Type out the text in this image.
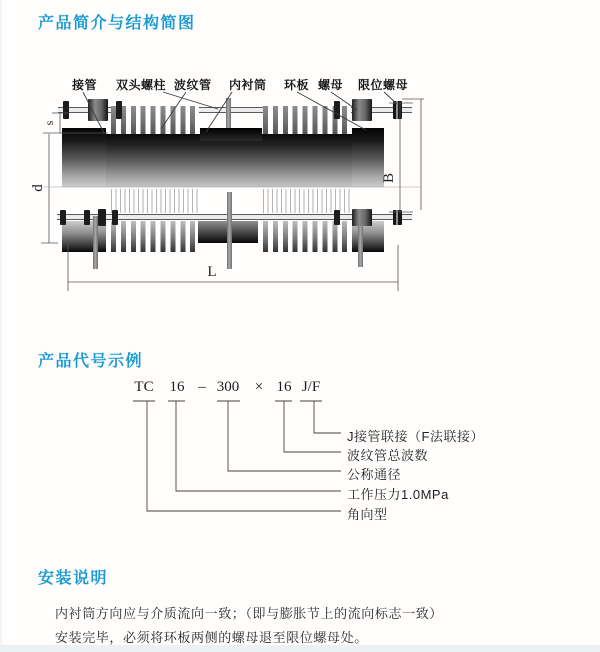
产品简介与结构简图
接管 双头螺柱 波纹管 内衬筒 环板 螺母 限位螺母
产品代号示例
TC 16 – 300 × 16 J/F
J接管联接（F法联接）
波纹管总波数
公称通径
工作压力1.0MPa
角向型
安装说明
内衬筒方向应与介质流向一致；（即与膨胀节上的流向标志一致）
安装完毕，必须将环板两侧的螺母退至限位螺母处。
s
d
B
L
